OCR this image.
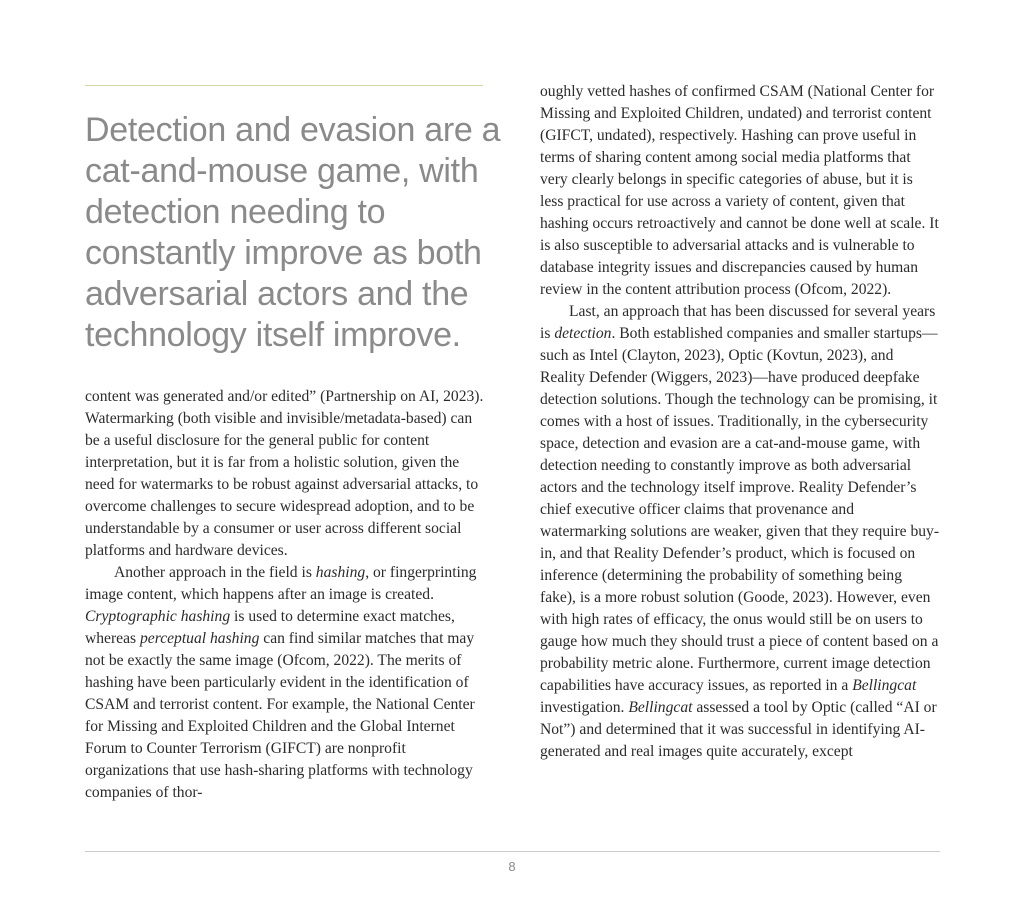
Detection and evasion are a cat-and-mouse game, with detection needing to constantly improve as both adversarial actors and the technology itself improve.

content was generated and/or edited” (Partnership on AI, 2023). Watermarking (both visible and invisible/metadata-based) can be a useful disclosure for the general public for content interpretation, but it is far from a holistic solution, given the need for watermarks to be robust against adversarial attacks, to overcome challenges to secure widespread adoption, and to be understandable by a consumer or user across different social platforms and hardware devices.

Another approach in the field is hashing, or fingerprinting image content, which happens after an image is created. Cryptographic hashing is used to determine exact matches, whereas perceptual hashing can find similar matches that may not be exactly the same image (Ofcom, 2022). The merits of hashing have been particularly evident in the identification of CSAM and terrorist content. For example, the National Center for Missing and Exploited Children and the Global Internet Forum to Counter Terrorism (GIFCT) are nonprofit organizations that use hash-sharing platforms with technology companies of thor-

oughly vetted hashes of confirmed CSAM (National Center for Missing and Exploited Children, undated) and terrorist content (GIFCT, undated), respectively. Hashing can prove useful in terms of sharing content among social media platforms that very clearly belongs in specific categories of abuse, but it is less practical for use across a variety of content, given that hashing occurs retroactively and cannot be done well at scale. It is also susceptible to adversarial attacks and is vulnerable to database integrity issues and discrepancies caused by human review in the content attribution process (Ofcom, 2022).

Last, an approach that has been discussed for several years is detection. Both established companies and smaller startups—such as Intel (Clayton, 2023), Optic (Kovtun, 2023), and Reality Defender (Wiggers, 2023)—have produced deepfake detection solutions. Though the technology can be promising, it comes with a host of issues. Traditionally, in the cybersecurity space, detection and evasion are a cat-and-mouse game, with detection needing to constantly improve as both adversarial actors and the technology itself improve. Reality Defender’s chief executive officer claims that provenance and watermarking solutions are weaker, given that they require buy-in, and that Reality Defender’s product, which is focused on inference (determining the probability of something being fake), is a more robust solution (Goode, 2023). However, even with high rates of efficacy, the onus would still be on users to gauge how much they should trust a piece of content based on a probability metric alone. Furthermore, current image detection capabilities have accuracy issues, as reported in a Bellingcat investigation. Bellingcat assessed a tool by Optic (called “AI or Not”) and determined that it was successful in identifying AI-generated and real images quite accurately, except

8
